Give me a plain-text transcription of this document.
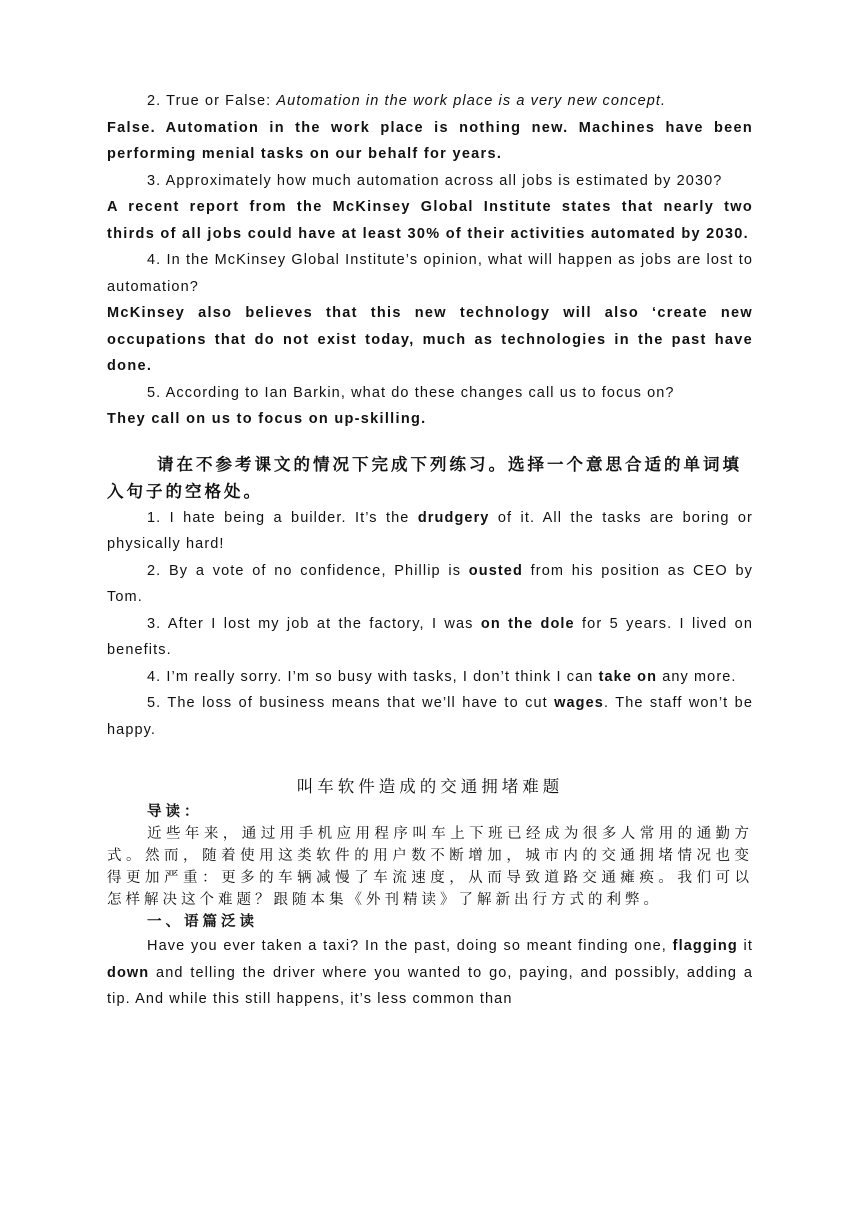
2. True or False: Automation in the work place is a very new concept.

False. Automation in the work place is nothing new. Machines have been performing menial tasks on our behalf for years.

3. Approximately how much automation across all jobs is estimated by 2030?

A recent report from the McKinsey Global Institute states that nearly two thirds of all jobs could have at least 30% of their activities automated by 2030.

4. In the McKinsey Global Institute’s opinion, what will happen as jobs are lost to automation?

McKinsey also believes that this new technology will also ‘create new occupations that do not exist today, much as technologies in the past have done.

5. According to Ian Barkin, what do these changes call us to focus on?

They call on us to focus on up-skilling.

请在不参考课文的情况下完成下列练习。选择一个意思合适的单词填入句子的空格处。

1. I hate being a builder. It’s the drudgery of it. All the tasks are boring or physically hard!

2. By a vote of no confidence, Phillip is ousted from his position as CEO by Tom.

3. After I lost my job at the factory, I was on the dole for 5 years. I lived on benefits.

4. I’m really sorry. I’m so busy with tasks, I don’t think I can take on any more.

5. The loss of business means that we’ll have to cut wages. The staff won’t be happy.

叫车软件造成的交通拥堵难题

导读：

近些年来，通过用手机应用程序叫车上下班已经成为很多人常用的通勤方式。然而，随着使用这类软件的用户数不断增加，城市内的交通拥堵情况也变得更加严重：更多的车辆减慢了车流速度，从而导致道路交通瘫痪。我们可以怎样解决这个难题？跟随本集《外刊精读》了解新出行方式的利弊。

一、语篇泛读

Have you ever taken a taxi? In the past, doing so meant finding one, flagging it down and telling the driver where you wanted to go, paying, and possibly, adding a tip. And while this still happens, it’s less common than
